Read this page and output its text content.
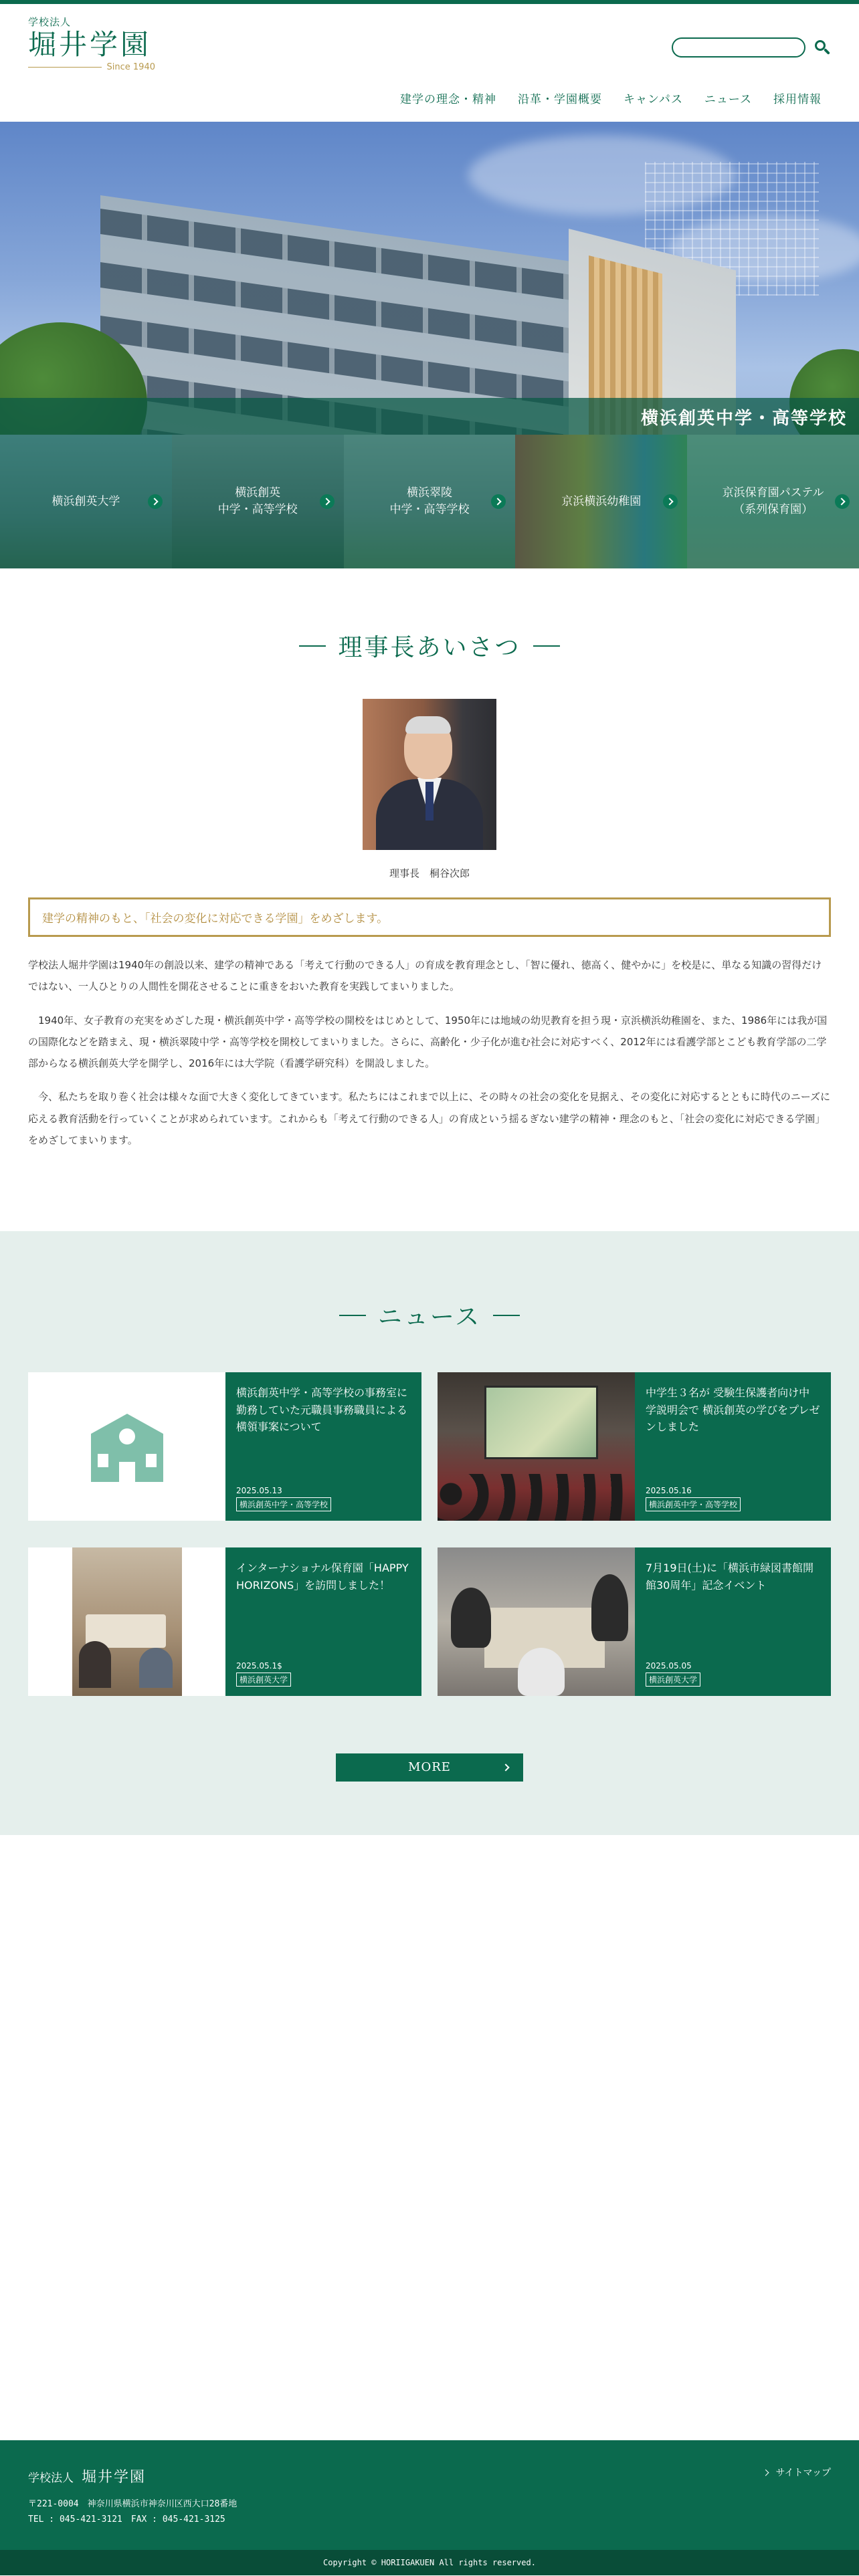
学校法人
堀井学園
Since 1940
建学の理念・精神 沿革・学園概要 キャンパス ニュース 採用情報
横浜創英中学・高等学校
横浜創英大学
横浜創英
中学・高等学校
横浜翠陵
中学・高等学校
京浜横浜幼稚園
京浜保育園パステル
（系列保育園）
理事長あいさつ
理事長　桐谷次郎
建学の精神のもと、「社会の変化に対応できる学園」をめざします。

学校法人堀井学園は1940年の創設以来、建学の精神である「考えて行動のできる人」の育成を教育理念とし、「智に優れ、徳高く、健やかに」を校是に、単なる知識の習得だけではない、一人ひとりの人間性を開花させることに重きをおいた教育を実践してまいりました。

　1940年、女子教育の充実をめざした現・横浜創英中学・高等学校の開校をはじめとして、1950年には地域の幼児教育を担う現・京浜横浜幼稚園を、また、1986年には我が国の国際化などを踏まえ、現・横浜翠陵中学・高等学校を開校してまいりました。さらに、高齢化・少子化が進む社会に対応すべく、2012年には看護学部とこども教育学部の二学部からなる横浜創英大学を開学し、2016年には大学院（看護学研究科）を開設しました。

　今、私たちを取り巻く社会は様々な面で大きく変化してきています。私たちにはこれまで以上に、その時々の社会の変化を見据え、その変化に対応するとともに時代のニーズに応える教育活動を行っていくことが求められています。これからも「考えて行動のできる人」の育成という揺るぎない建学の精神・理念のもと、「社会の変化に対応できる学園」をめざしてまいります。

ニュース
横浜創英中学・高等学校の事務室に勤務していた元職員事務職員による横領事案について
2025.05.13
横浜創英中学・高等学校
中学生３名が 受験生保護者向け中学説明会で 横浜創英の学びをプレゼンしました
2025.05.16
横浜創英中学・高等学校
インターナショナル保育園「HAPPY HORIZONS」を訪問しました！
2025.05.1$
横浜創英大学
7月19日(土)に「横浜市緑図書館開館30周年」記念イベント
2025.05.05
横浜創英大学
MORE
学校法人 堀井学園
〒221-0004　神奈川県横浜市神奈川区西大口28番地
TEL : 045-421-3121　FAX : 045-421-3125
サイトマップ
Copyright © HORIIGAKUEN All rights reserved.
